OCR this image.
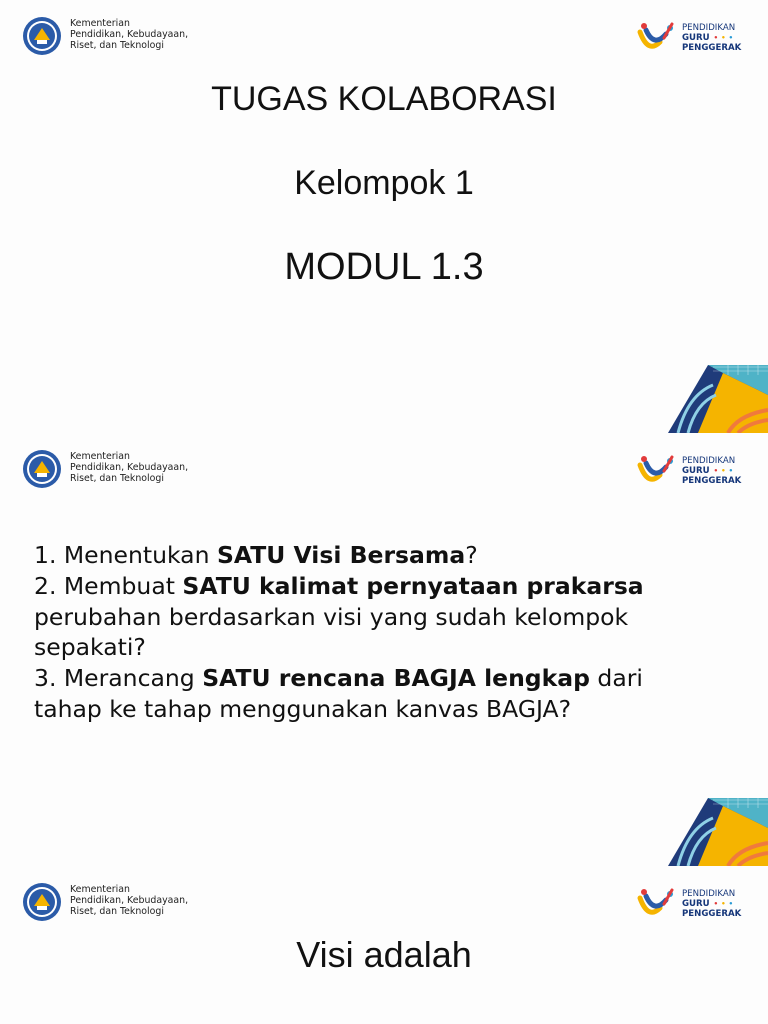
Kementerian
Pendidikan, Kebudayaan,
Riset, dan Teknologi
PENDIDIKAN
GURU •••
PENGGERAK
TUGAS KOLABORASI
Kelompok 1
MODUL 1.3
Kementerian
Pendidikan, Kebudayaan,
Riset, dan Teknologi
PENDIDIKAN
GURU •••
PENGGERAK
1. Menentukan SATU Visi Bersama?
2. Membuat SATU kalimat pernyataan prakarsa
perubahan berdasarkan visi yang sudah kelompok
sepakati?
3. Merancang SATU rencana BAGJA lengkap dari
tahap ke tahap menggunakan kanvas BAGJA?
Kementerian
Pendidikan, Kebudayaan,
Riset, dan Teknologi
PENDIDIKAN
GURU •••
PENGGERAK
Visi adalah
